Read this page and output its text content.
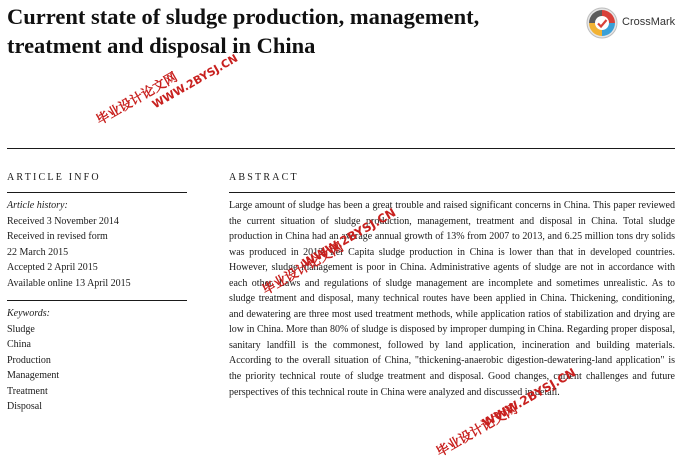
Current state of sludge production, management,
treatment and disposal in China
CrossMark
ARTICLE INFO	ABSTRACT
Article history:
Received 3 November 2014
Received in revised form
22 March 2015
Accepted 2 April 2015
Available online 13 April 2015
Keywords:
Sludge
China
Production
Management
Treatment
Disposal
Large amount of sludge has been a great trouble and raised significant concerns in China. This paper reviewed the current situation of sludge production, management, treatment and disposal in China. Total sludge production in China had an average annual growth of 13% from 2007 to 2013, and 6.25 million tons dry solids was produced in 2013. Per Capita sludge production in China is lower than that in developed countries. However, sludge management is poor in China. Administrative agents of sludge are not in accordance with each other. Laws and regulations of sludge management are incomplete and sometimes unrealistic. As to sludge treatment and disposal, many technical routes have been applied in China. Thickening, conditioning, and dewatering are three most used treatment methods, while application ratios of stabilization and drying are low in China. More than 80% of sludge is disposed by improper dumping in China. Regarding proper disposal, sanitary landfill is the commonest, followed by land application, incineration and building materials. According to the overall situation of China, "thickening-anaerobic digestion-dewatering-land application" is the priority technical route of sludge treatment and disposal. Good changes, current challenges and future perspectives of this technical route in China were analyzed and discussed in detail.
毕业设计论文网
WWW.2BYSJ.CN
毕业设计论文网
WWW.2BYSJ.CN
毕业设计论文网
WWW.2BYSJ.CN
